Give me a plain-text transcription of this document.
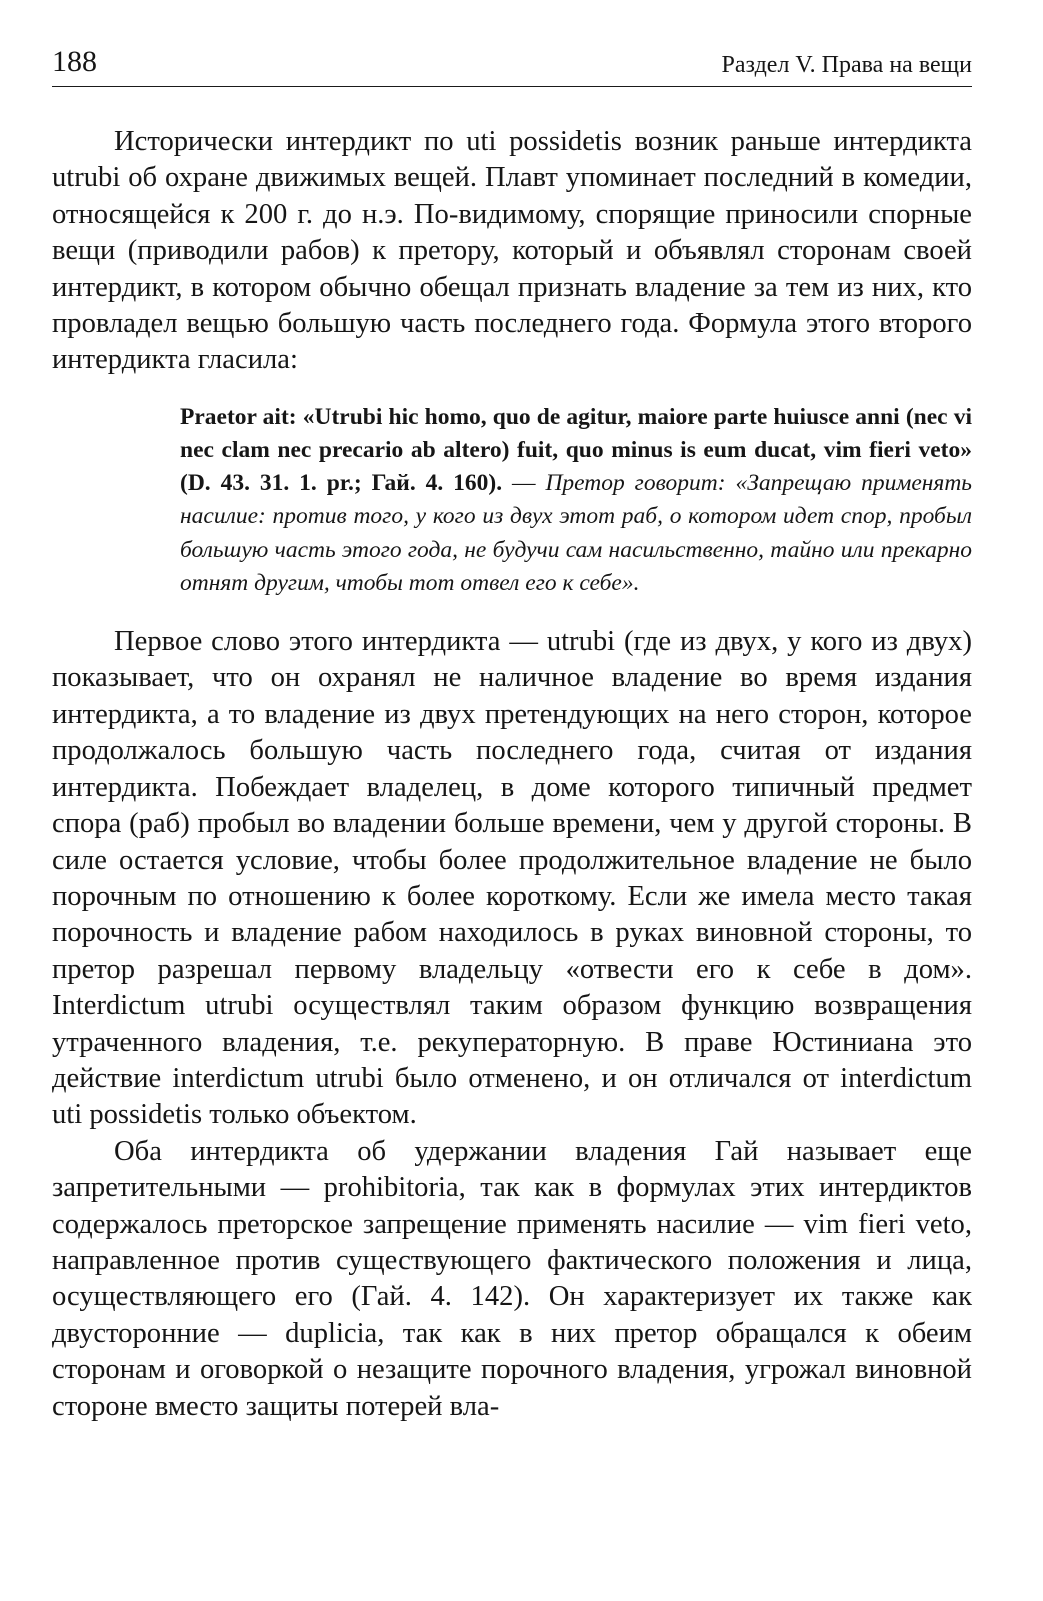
188	Раздел V. Права на вещи

Исторически интердикт по uti possidetis возник раньше интердикта utrubi об охране движимых вещей. Плавт упоминает последний в комедии, относящейся к 200 г. до н.э. По-видимому, спорящие приносили спорные вещи (приводили рабов) к претору, который и объявлял сторонам своей интердикт, в котором обычно обещал признать владение за тем из них, кто провладел вещью большую часть последнего года. Формула этого второго интердикта гласила:

Praetor ait: «Utrubi hic homo, quo de agitur, maiore parte huiusce anni (nec vi nec clam nec precario ab altero) fuit, quo minus is eum ducat, vim fieri veto» (D. 43. 31. 1. pr.; Гай. 4. 160). — Претор говорит: «Запрещаю применять насилие: против того, у кого из двух этот раб, о котором идет спор, пробыл большую часть этого года, не будучи сам насильственно, тайно или прекарно отнят другим, чтобы тот отвел его к себе».

Первое слово этого интердикта — utrubi (где из двух, у кого из двух) показывает, что он охранял не наличное владение во время издания интердикта, а то владение из двух претендующих на него сторон, которое продолжалось большую часть последнего года, считая от издания интердикта. Побеждает владелец, в доме которого типичный предмет спора (раб) пробыл во владении больше времени, чем у другой стороны. В силе остается условие, чтобы более продолжительное владение не было порочным по отношению к более короткому. Если же имела место такая порочность и владение рабом находилось в руках виновной стороны, то претор разрешал первому владельцу «отвести его к себе в дом». Interdictum utrubi осуществлял таким образом функцию возвращения утраченного владения, т.е. рекуператорную. В праве Юстиниана это действие interdictum utrubi было отменено, и он отличался от interdictum uti possidetis только объектом.

Оба интердикта об удержании владения Гай называет еще запретительными — prohibitoria, так как в формулах этих интердиктов содержалось преторское запрещение применять насилие — vim fieri veto, направленное против существующего фактического положения и лица, осуществляющего его (Гай. 4. 142). Он характеризует их также как двусторонние — duplicia, так как в них претор обращался к обеим сторонам и оговоркой о незащите порочного владения, угрожал виновной стороне вместо защиты потерей вла-
